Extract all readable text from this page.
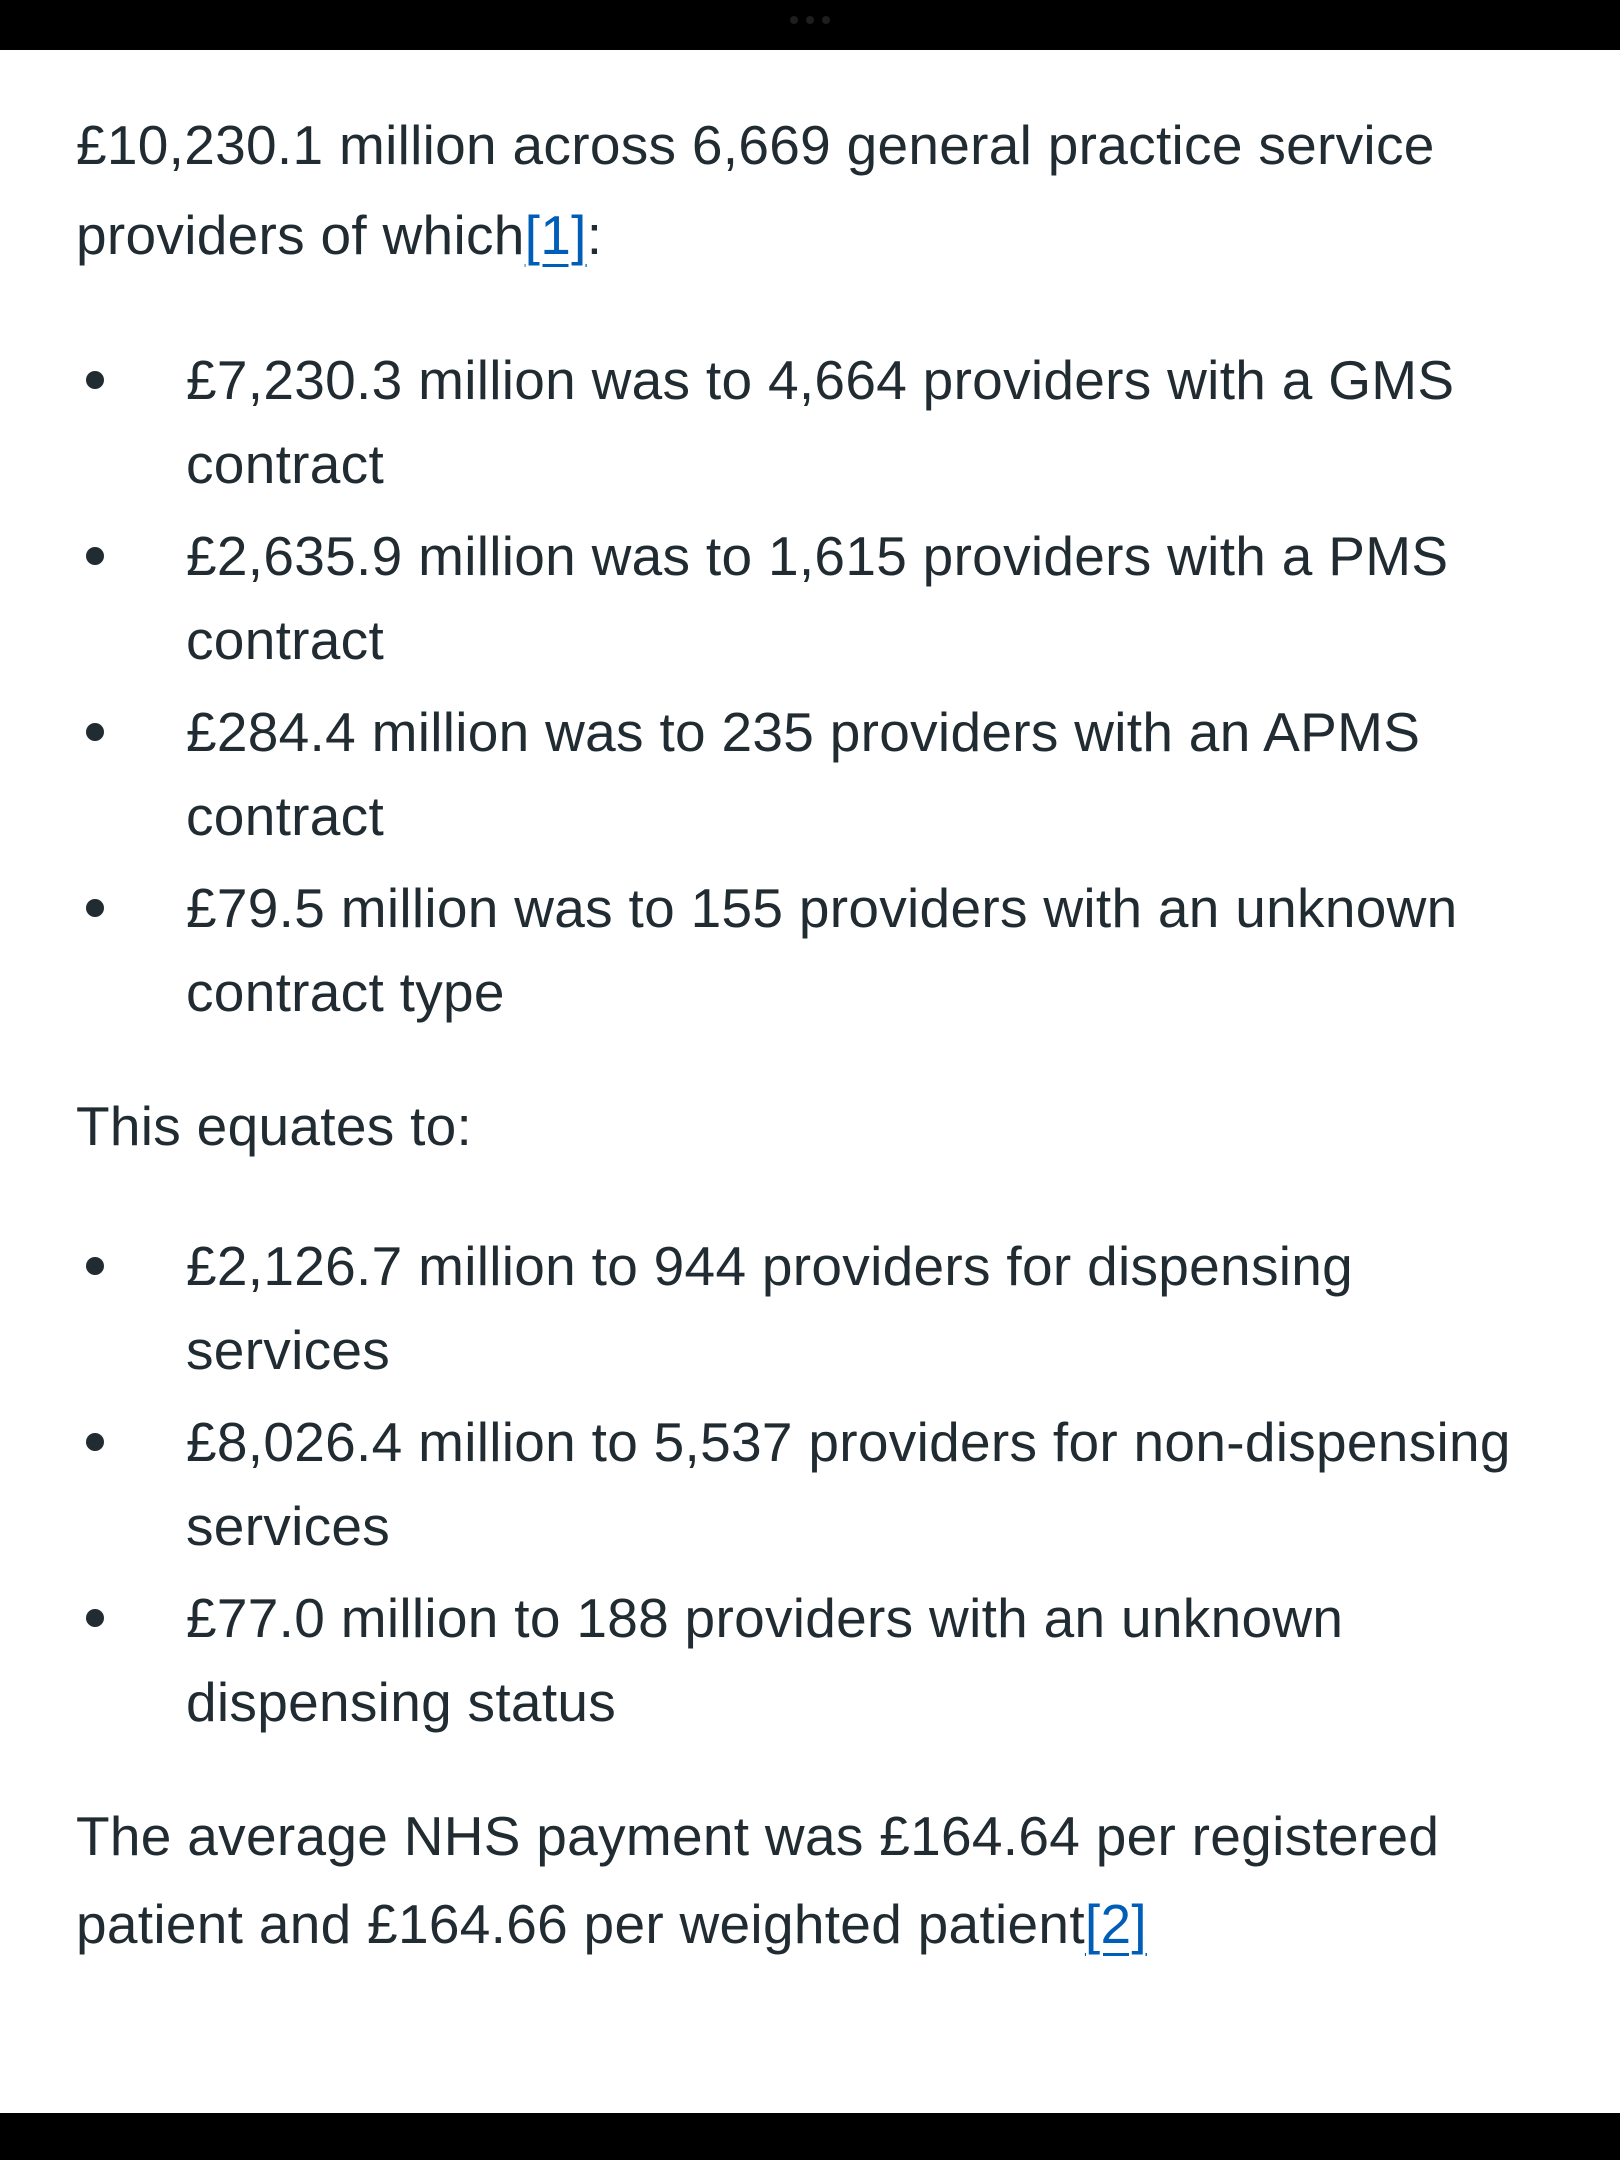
£10,230.1 million across 6,669 general practice service providers of which[1]:

£7,230.3 million was to 4,664 providers with a GMS contract
£2,635.9 million was to 1,615 providers with a PMS contract
£284.4 million was to 235 providers with an APMS contract
£79.5 million was to 155 providers with an unknown contract type

This equates to:

£2,126.7 million to 944 providers for dispensing services
£8,026.4 million to 5,537 providers for non-dispensing services
£77.0 million to 188 providers with an unknown dispensing status

The average NHS payment was £164.64 per registered patient and £164.66 per weighted patient[2]
